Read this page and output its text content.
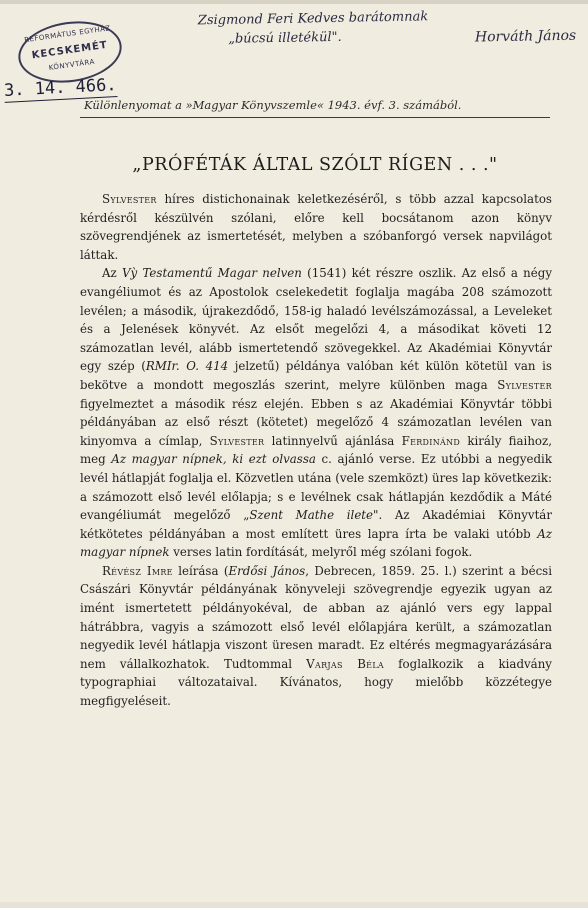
REFORMÁTUS EGYHÁZ
KECSKEMÉT
KÖNYVTÁRA
3. 14. 466.
Zsigmond Feri Kedves barátomnak
„búcsú illetékül".	Horváth János
Különlenyomat a »Magyar Könyvszemle« 1943. évf. 3. számából.
„PRÓFÉTÁK ÁLTAL SZÓLT RÍGEN . . ."

Sylvester híres distichonainak keletkezéséről, s több azzal kapcsolatos kérdésről készülvén szólani, előre kell bocsátanom azon könyv szövegrendjének az ismertetését, melyben a szóbanforgó versek napvilágot láttak.

Az Vỳ Testamentű Magar nelven (1541) két részre oszlik. Az első a négy evangéliumot és az Apostolok cselekedetit foglalja magába 208 számozott levélen; a második, újrakezdődő, 158-ig haladó levélszámozással, a Leveleket és a Jelenések könyvét. Az elsőt megelőzi 4, a másodikat követi 12 számozatlan levél, alább ismertetendő szövegekkel. Az Akadémiai Könyvtár egy szép (RMIr. O. 414 jelzetű) példánya valóban két külön kötetül van is bekötve a mondott megoszlás szerint, melyre különben maga Sylvester figyelmeztet a második rész elején. Ebben s az Akadémiai Könyvtár többi példányában az első részt (kötetet) megelőző 4 számozatlan levélen van kinyomva a címlap, Sylvester latinnyelvű ajánlása Ferdinánd király fiaihoz, meg Az magyar nípnek, ki ezt olvassa c. ajánló verse. Ez utóbbi a negyedik levél hátlapját foglalja el. Közvetlen utána (vele szemközt) üres lap következik: a számozott első levél előlapja; s e levélnek csak hátlapján kezdődik a Máté evangéliumát megelőző „Szent Mathe ilete". Az Akadémiai Könyvtár kétkötetes példányában a most említett üres lapra írta be valaki utóbb Az magyar nípnek verses latin fordítását, melyről még szólani fogok.

Révész Imre leírása (Erdősi János, Debrecen, 1859. 25. l.) szerint a bécsi Császári Könyvtár példányának könyveleji szövegrendje egyezik ugyan az imént ismertetett példányokéval, de abban az ajánló vers egy lappal hátrábbra, vagyis a számozott első levél előlapjára került, a számozatlan negyedik levél hátlapja viszont üresen maradt. Ez eltérés megmagyarázására nem vállalkozhatok. Tudtommal Varjas Béla foglalkozik a kiadvány typographiai változataival. Kívánatos, hogy mielőbb közzétegye megfigyeléseit.
